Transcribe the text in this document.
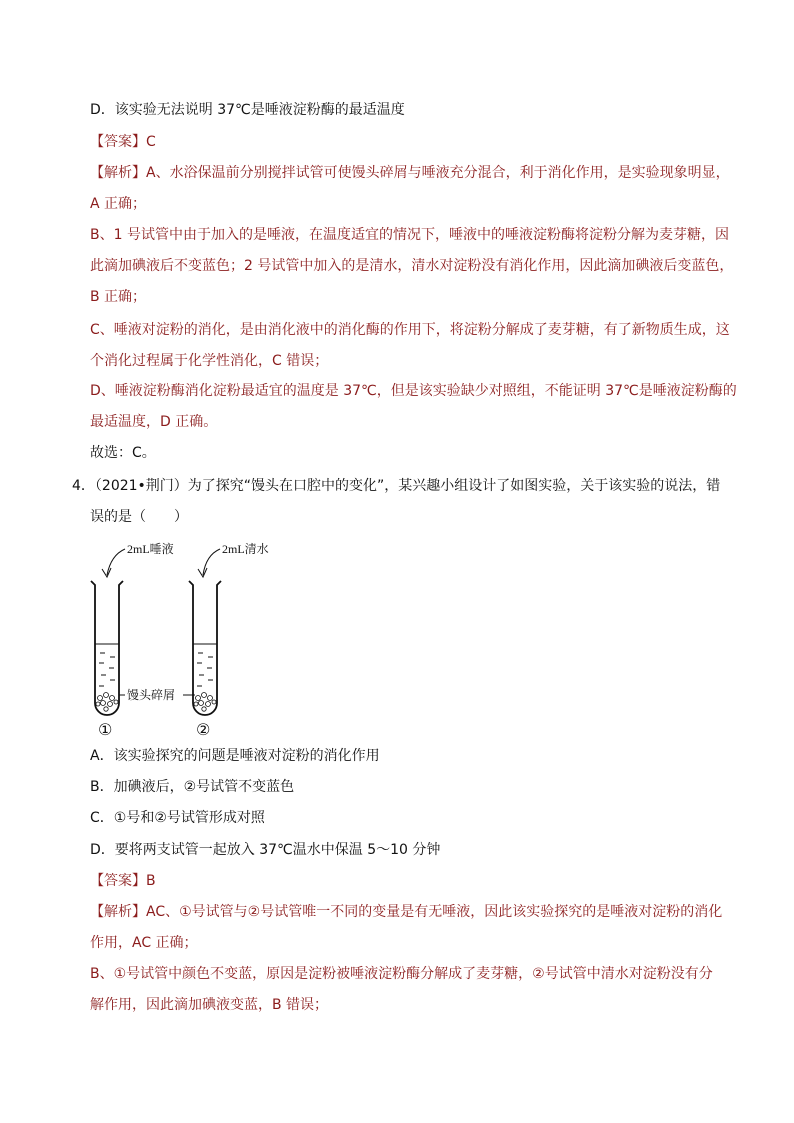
D．该实验无法说明 37℃是唾液淀粉酶的最适温度
【答案】C
【解析】A、水浴保温前分别搅拌试管可使馒头碎屑与唾液充分混合，利于消化作用，是实验现象明显，
A 正确；
B、1 号试管中由于加入的是唾液，在温度适宜的情况下，唾液中的唾液淀粉酶将淀粉分解为麦芽糖，因
此滴加碘液后不变蓝色；2 号试管中加入的是清水，清水对淀粉没有消化作用，因此滴加碘液后变蓝色，
B 正确；
C、唾液对淀粉的消化，是由消化液中的消化酶的作用下，将淀粉分解成了麦芽糖，有了新物质生成，这
个消化过程属于化学性消化，C 错误；
D、唾液淀粉酶消化淀粉最适宜的温度是 37℃，但是该实验缺少对照组，不能证明 37℃是唾液淀粉酶的
最适温度，D 正确。
故选：C。
4．（2021•荆门）为了探究“馒头在口腔中的变化”，某兴趣小组设计了如图实验，关于该实验的说法，错
误的是（　　）
2mL唾液	2mL清水
馒头碎屑
①	②
A．该实验探究的问题是唾液对淀粉的消化作用
B．加碘液后，②号试管不变蓝色
C．①号和②号试管形成对照
D．要将两支试管一起放入 37℃温水中保温 5～10 分钟
【答案】B
【解析】AC、①号试管与②号试管唯一不同的变量是有无唾液，因此该实验探究的是唾液对淀粉的消化
作用，AC 正确；
B、①号试管中颜色不变蓝，原因是淀粉被唾液淀粉酶分解成了麦芽糖，②号试管中清水对淀粉没有分
解作用，因此滴加碘液变蓝，B 错误；
